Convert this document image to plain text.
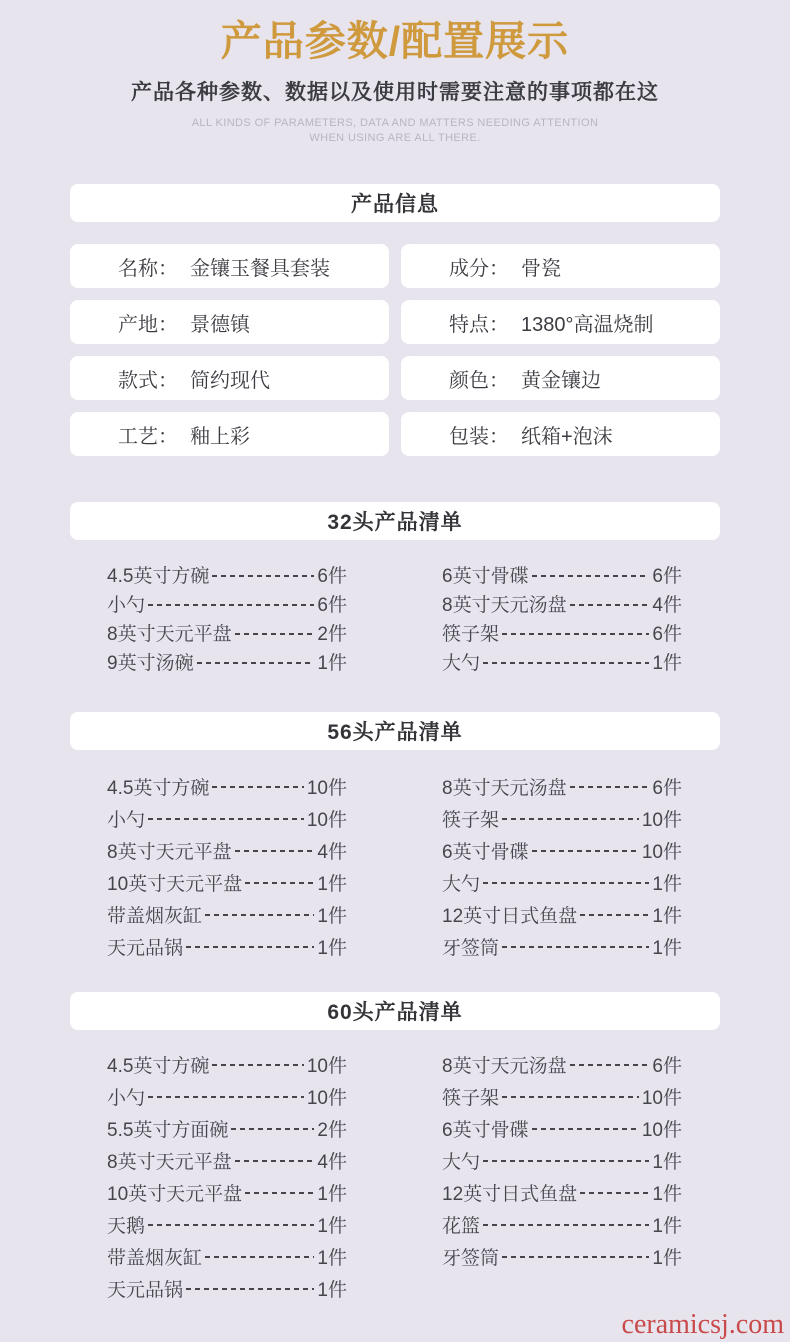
产品参数/配置展示

产品各种参数、数据以及使用时需要注意的事项都在这

ALL KINDS OF PARAMETERS, DATA AND MATTERS NEEDING ATTENTION
WHEN USING ARE ALL THERE.

产品信息
名称： 金镶玉餐具套装	成分： 骨瓷
产地： 景德镇	特点： 1380°高温烧制
款式： 简约现代	颜色： 黄金镶边
工艺： 釉上彩	包装： 纸箱+泡沫
32头产品清单
4.5英寸方碗	6件
小勺	6件
8英寸天元平盘	2件
9英寸汤碗	1件
6英寸骨碟	6件
8英寸天元汤盘	4件
筷子架	6件
大勺	1件
56头产品清单
4.5英寸方碗	10件
小勺	10件
8英寸天元平盘	4件
10英寸天元平盘	1件
带盖烟灰缸	1件
天元品锅	1件
8英寸天元汤盘	6件
筷子架	10件
6英寸骨碟	10件
大勺	1件
12英寸日式鱼盘	1件
牙签筒	1件
60头产品清单
4.5英寸方碗	10件
小勺	10件
5.5英寸方面碗	2件
8英寸天元平盘	4件
10英寸天元平盘	1件
天鹅	1件
带盖烟灰缸	1件
天元品锅	1件
8英寸天元汤盘	6件
筷子架	10件
6英寸骨碟	10件
大勺	1件
12英寸日式鱼盘	1件
花篮	1件
牙签筒	1件
ceramicsj.com
